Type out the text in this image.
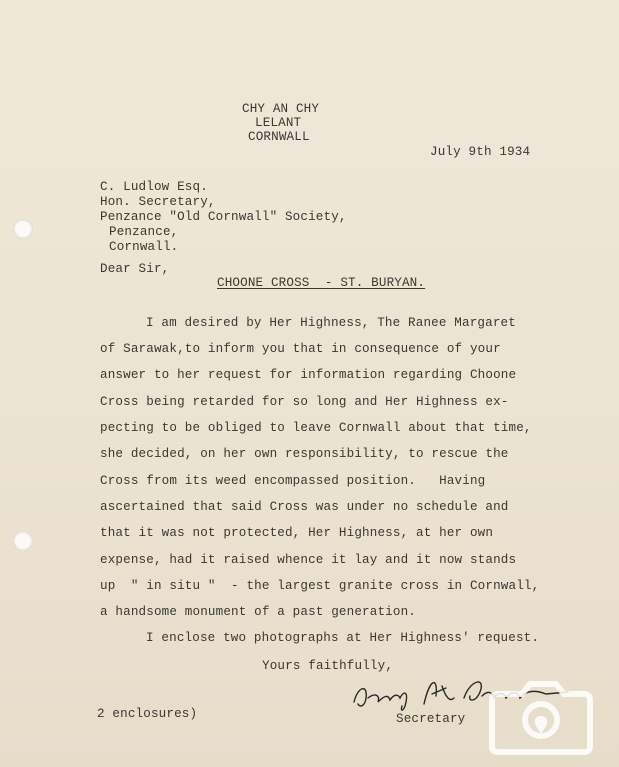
CHY AN CHY
LELANT
CORNWALL
July 9th 1934
C. Ludlow Esq.
Hon. Secretary,
Penzance "Old Cornwall" Society,
Penzance,
Cornwall.
Dear Sir,
CHOONE CROSS  - ST. BURYAN.
I am desired by Her Highness, The Ranee Margaret
of Sarawak,to inform you that in consequence of your
answer to her request for information regarding Choone
Cross being retarded for so long and Her Highness ex-
pecting to be obliged to leave Cornwall about that time,
she decided, on her own responsibility, to rescue the
Cross from its weed encompassed position.   Having
ascertained that said Cross was under no schedule and
that it was not protected, Her Highness, at her own
expense, had it raised whence it lay and it now stands
up  " in situ "  - the largest granite cross in Cornwall,
a handsome monument of a past generation.
I enclose two photographs at Her Highness' request.
Yours faithfully,
2 enclosures)	Secretary
